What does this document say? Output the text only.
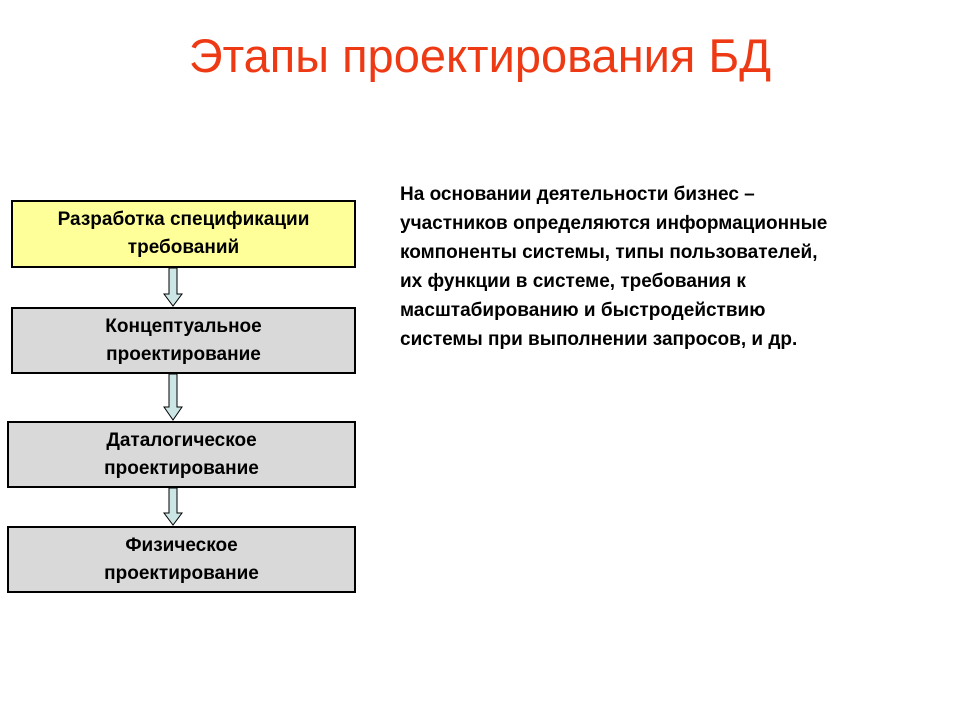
Этапы проектирования БД
Разработка спецификации
требований
Концептуальное
проектирование
Даталогическое
проектирование
Физическое
проектирование
На основании деятельности бизнес –
участников определяются информационные
компоненты системы, типы пользователей,
их функции в системе, требования к
масштабированию и быстродействию
системы при выполнении запросов, и др.
